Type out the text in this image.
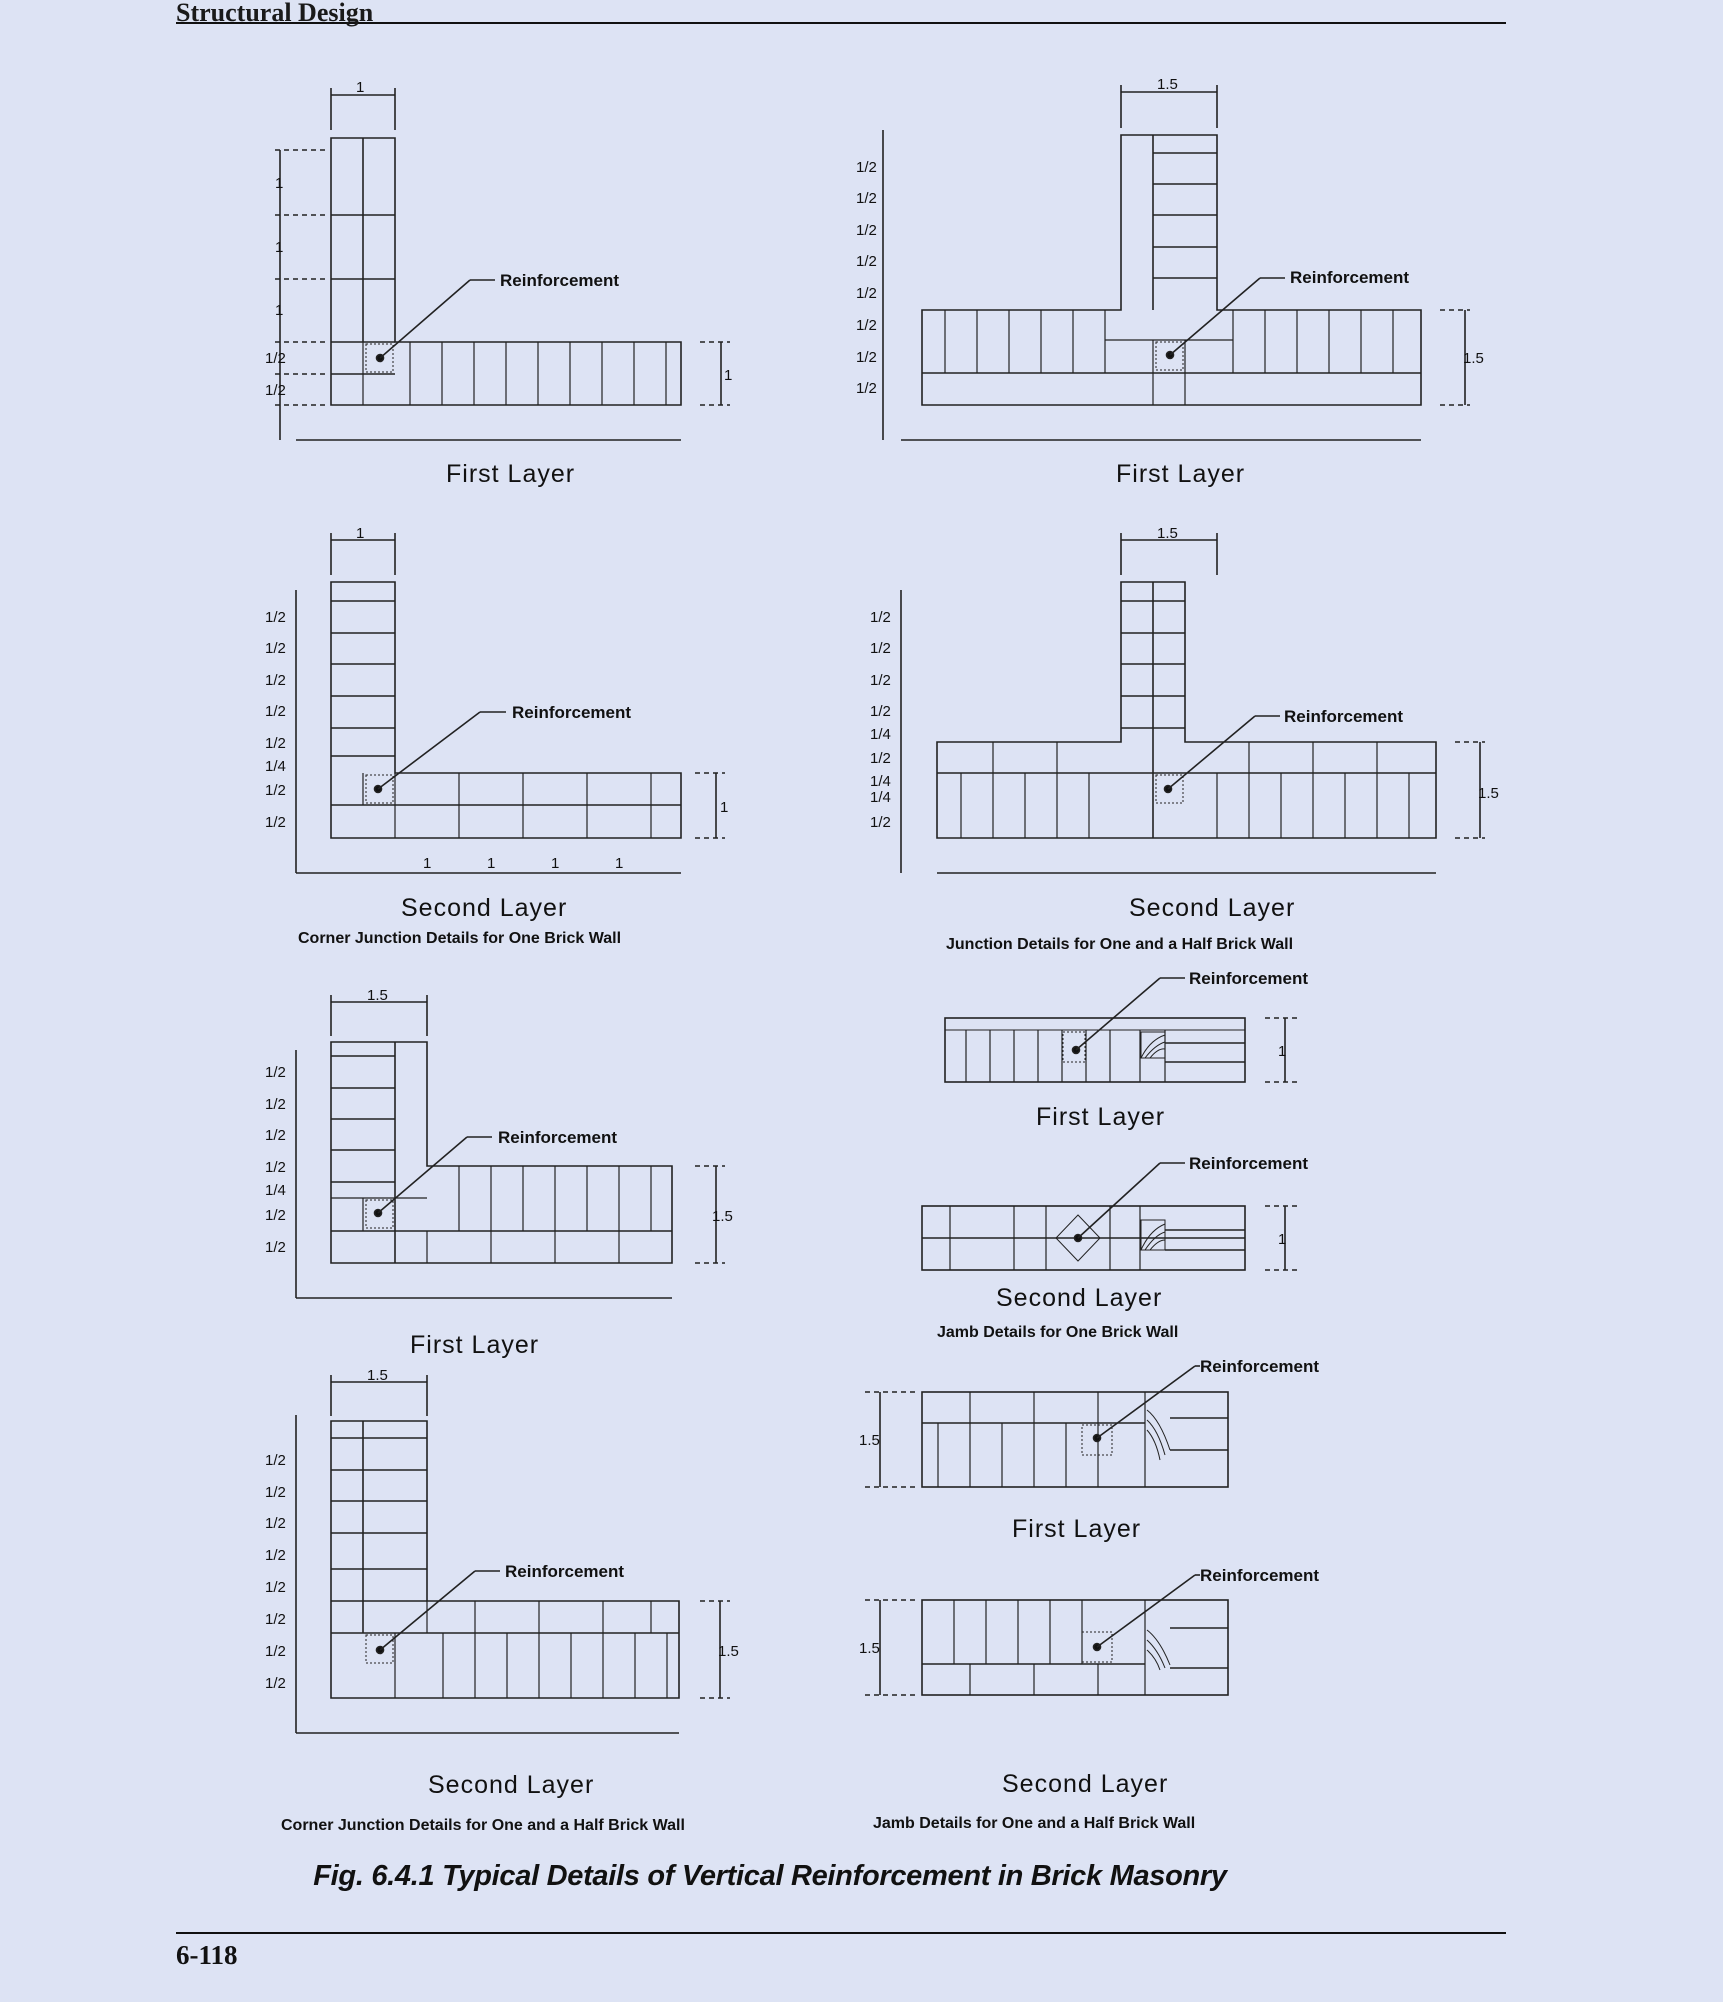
Structural Design
1
1
1
1
1/2
1/2
1
Reinforcement
First Layer
1.5
1/2
1/2
1/2
1/2
1/2
1/2
1/2
1/2
1.5
Reinforcement
First Layer
1
1/2
1/2
1/2
1/2
1/2
1/4
1/2
1/2
1
1	1	1	1
Reinforcement
Second Layer
Corner Junction Details for One Brick Wall
1.5
1/2
1/2
1/2
1/2
1/4
1/2
1/4
1/4
1/2
1.5
Reinforcement
Second Layer
Junction Details for One and a Half Brick Wall
1.5
1/2
1/2
1/2
1/2
1/4
1/2
1/2
1.5
Reinforcement
First Layer
1.5
1/2
1/2
1/2
1/2
1/2
1/2
1/2
1/2
1.5
Reinforcement
Second Layer
Corner Junction Details for One and a Half Brick Wall
1
Reinforcement
First Layer
1
Reinforcement
Second Layer
Jamb Details for One Brick Wall
1.5
Reinforcement
First Layer
1.5
Reinforcement
Second Layer
Jamb Details for One and a Half Brick Wall
Fig. 6.4.1 Typical Details of Vertical Reinforcement in Brick Masonry
6-118
